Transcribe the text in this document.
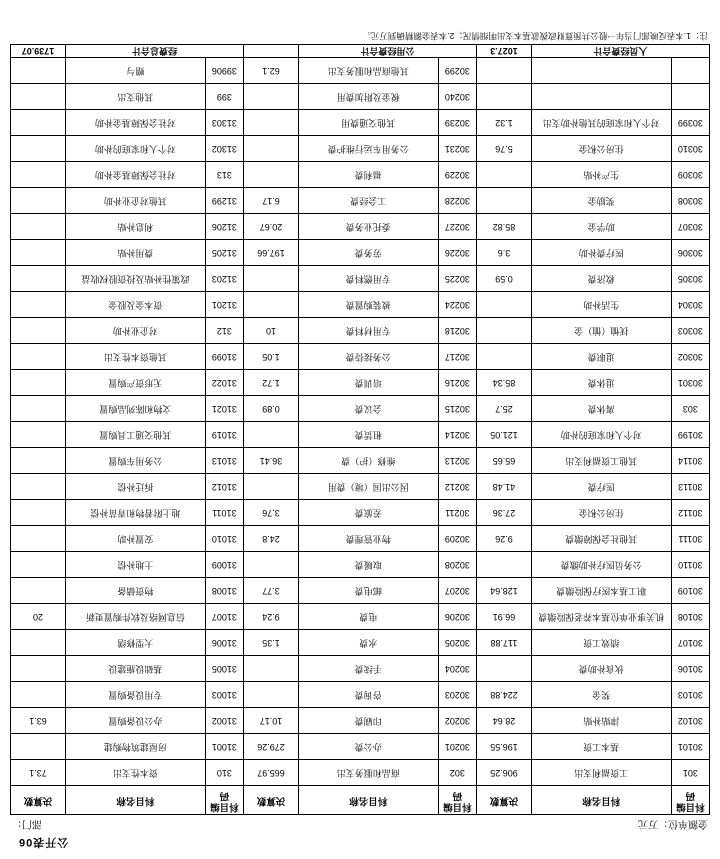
公开表06
金额单位：万元
部门：
科目编码	科目名称	决算数	科目编码	科目名称	决算数	科目编码	科目名称	决算数
301	工资福利支出	906.25	302	商品和服务支出	665.97	310	资本性支出	73.1
30101	基本工资	196.55	30201	办公费	279.26	31001	房屋建筑物购建	
30102	津贴补贴	28.64	30202	印刷费	10.17	31002	办公设备购置	63.1
30103	奖金	224.88	30203	咨询费		31003	专用设备购置	
30106	伙食补助费		30204	手续费		31005	基础设施建设	
30107	绩效工资	117.88	30205	水费	1.35	31006	大型修缮	
30108	机关事业单位基本养老保险缴费	66.91	30206	电费	9.24	31007	信息网络及软件购置更新	20
30109	职工基本医疗保险缴费	128.64	30207	邮电费	3.77	31008	物资储备	
30110	公务员医疗补助缴费		30208	取暖费		31009	土地补偿	
30111	其他社会保障缴费	9.26	30209	物业管理费	24.8	31010	安置补助	
30112	住房公积金	27.36	30211	差旅费	3.76	31011	地上附着物和青苗补偿	
30113	医疗费	41.48	30212	因公出国（境）费用		31012	拆迁补偿	
30114	其他工资福利支出	65.65	30213	维修（护）费	36.41	31013	公务用车购置	
30199	对个人和家庭的补助	121.05	30214	租赁费		31019	其他交通工具购置	
303	离休费	25.7	30215	会议费	0.89	31021	文物和陈列品购置	
30301	退休费	85.34	30216	培训费	1.72	31022	无形资产购置	
30302	退职费		30217	公务接待费	1.05	31099	其他资本性支出	
30303	抚恤（恤）金		30218	专用材料费	10	312	对企业补助	
30304	生活补助		30224	被装购置费		31201	资本金及股金	
30305	救济费	0.59	30225	专用燃料费		31203	政策性补贴及投资股权收益	
30306	医疗费补助	3.6	30226	劳务费	197.66	31205	费用补贴	
30307	助学金	85.82	30227	委托业务费	20.67	31206	利息补贴	
30308	奖励金		30228	工会经费	6.17	31299	其他对企业补助	
30309	生产补贴		30229	福利费		313	对社会保障基金补助	
30310	住房公积金	5.76	30231	公务用车运行维护费		31302	对个人和家庭的补助	
30399	对个人和家庭的其他补助支出	1.32	30239	其他交通费用		31303	对社会保障基金补助	
			30240	税金及附加费用		399	其他支出	
			30299	其他商品和服务支出	62.1	39906	赠与	
人员经费合计		1027.3	公用经费合计			经费总合计		1739.07
注：1.本表反映部门当年一般公共预算财政拨款基本支出明细情况；2.本表金额精确到万元。
